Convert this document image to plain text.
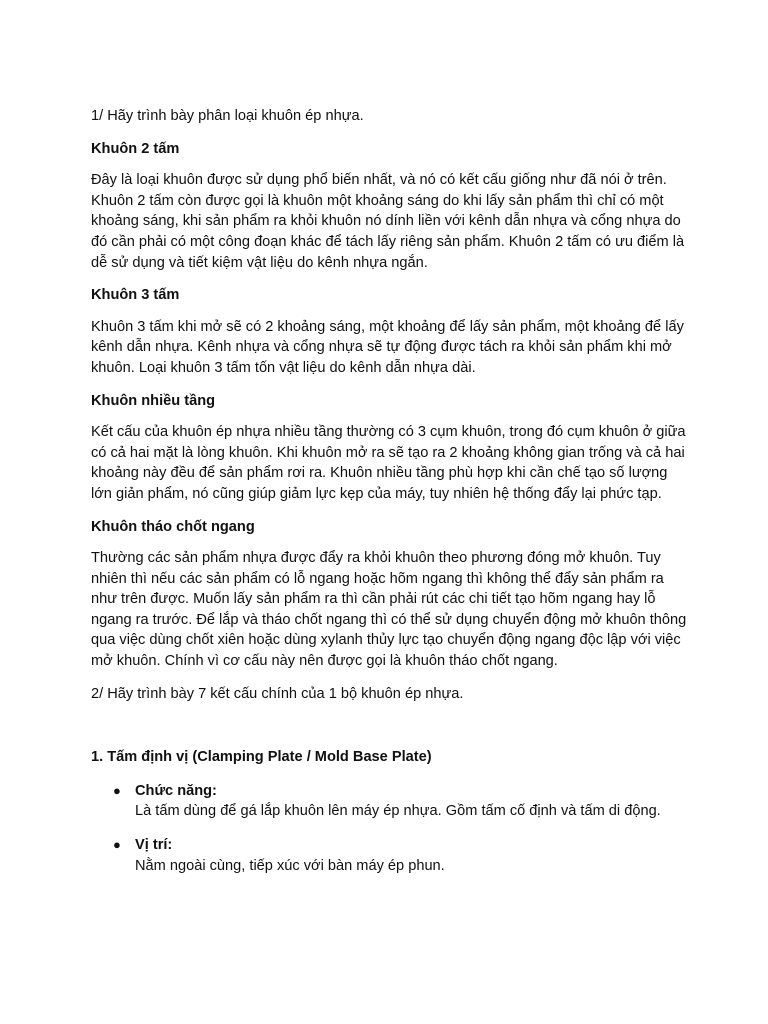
1/ Hãy trình bày phân loại khuôn ép nhựa.

Khuôn 2 tấm

Đây là loại khuôn được sử dụng phổ biến nhất, và nó có kết cấu giống như đã nói ở trên. Khuôn 2 tấm còn được gọi là khuôn một khoảng sáng do khi lấy sản phẩm thì chỉ có một khoảng sáng, khi sản phẩm ra khỏi khuôn nó dính liền với kênh dẫn nhựa và cổng nhựa do đó cần phải có một công đoạn khác để tách lấy riêng sản phẩm. Khuôn 2 tấm có ưu điểm là dễ sử dụng và tiết kiệm vật liệu do kênh nhựa ngắn.

Khuôn 3 tấm

Khuôn 3 tấm khi mở sẽ có 2 khoảng sáng, một khoảng để lấy sản phẩm, một khoảng để lấy kênh dẫn nhựa. Kênh nhựa và cổng nhựa sẽ tự động được tách ra khỏi sản phẩm khi mở khuôn. Loại khuôn 3 tấm tốn vật liệu do kênh dẫn nhựa dài.

Khuôn nhiều tầng

Kết cấu của khuôn ép nhựa nhiều tầng thường có 3 cụm khuôn, trong đó cụm khuôn ở giữa có cả hai mặt là lòng khuôn. Khi khuôn mở ra sẽ tạo ra 2 khoảng không gian trống và cả hai khoảng này đều để sản phẩm rơi ra. Khuôn nhiều tầng phù hợp khi cần chế tạo số lượng lớn giản phẩm, nó cũng giúp giảm lực kẹp của máy, tuy nhiên hệ thống đẩy lại phức tạp.

Khuôn tháo chốt ngang

Thường các sản phẩm nhựa được đẩy ra khỏi khuôn theo phương đóng mở khuôn. Tuy nhiên thì nếu các sản phẩm có lỗ ngang hoặc hõm ngang thì không thể đẩy sản phẩm ra như trên được. Muốn lấy sản phẩm ra thì cần phải rút các chi tiết tạo hõm ngang hay lỗ ngang ra trước. Để lắp và tháo chốt ngang thì có thể sử dụng chuyển động mở khuôn thông qua việc dùng chốt xiên hoặc dùng xylanh thủy lực tạo chuyển động ngang độc lập với việc mở khuôn. Chính vì cơ cấu này nên được gọi là khuôn tháo chốt ngang.

2/ Hãy trình bày 7 kết cấu chính của 1 bộ khuôn ép nhựa.

1. Tấm định vị (Clamping Plate / Mold Base Plate)

● Chức năng:
Là tấm dùng để gá lắp khuôn lên máy ép nhựa. Gồm tấm cố định và tấm di động.
● Vị trí:
Nằm ngoài cùng, tiếp xúc với bàn máy ép phun.
